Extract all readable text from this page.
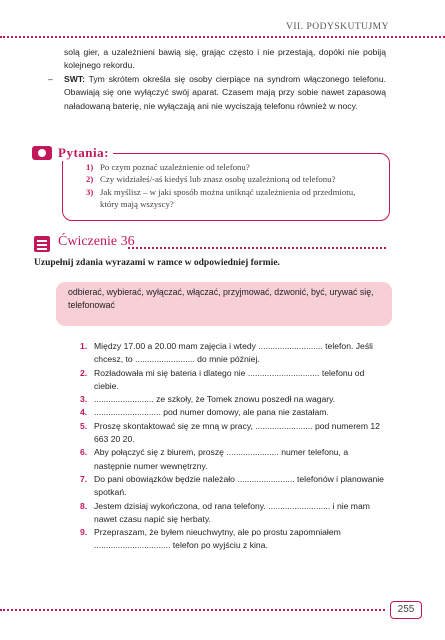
VII. PODYSKUTUJMY
solą gier, a uzależnieni bawią się, grając często i nie przestają, dopóki nie pobiją kolejnego rekordu.
– SWT: Tym skrótem określa się osoby cierpiące na syndrom włączonego telefonu. Obawiają się one wyłączyć swój aparat. Czasem mają przy sobie nawet zapasową naładowaną baterię, nie wyłączają ani nie wyciszają telefonu również w nocy.
Pytania:
1) Po czym poznać uzależnienie od telefonu?
2) Czy widziałeś/-aś kiedyś lub znasz osobę uzależnioną od telefonu?
3) Jak myślisz – w jaki sposób można uniknąć uzależnienia od przedmiotu, który mają wszyscy?
Ćwiczenie 36
Uzupełnij zdania wyrazami w ramce w odpowiedniej formie.
odbierać, wybierać, wyłączać, włączać, przyjmować, dzwonić, być, urywać się, telefonować
1. Między 17.00 a 20.00 mam zajęcia i wtedy ........................... telefon. Jeśli chcesz, to ......................... do mnie później.
2. Rozładowała mi się bateria i dlatego nie .............................. telefonu od ciebie.
3. ......................... ze szkoły, że Tomek znowu poszedł na wagary.
4. ............................ pod numer domowy, ale pana nie zastałam.
5. Proszę skontaktować się ze mną w pracy, ........................ pod numerem 12 663 20 20.
6. Aby połączyć się z biurem, proszę ...................... numer telefonu, a następnie numer wewnętrzny.
7. Do pani obowiązków będzie należało ........................ telefonów i planowanie spotkań.
8. Jestem dzisiaj wykończona, od rana telefony. .......................... i nie mam nawet czasu napić się herbaty.
9. Przepraszam, że byłem nieuchwytny, ale po prostu zapomniałem ................................ telefon po wyjściu z kina.
255
